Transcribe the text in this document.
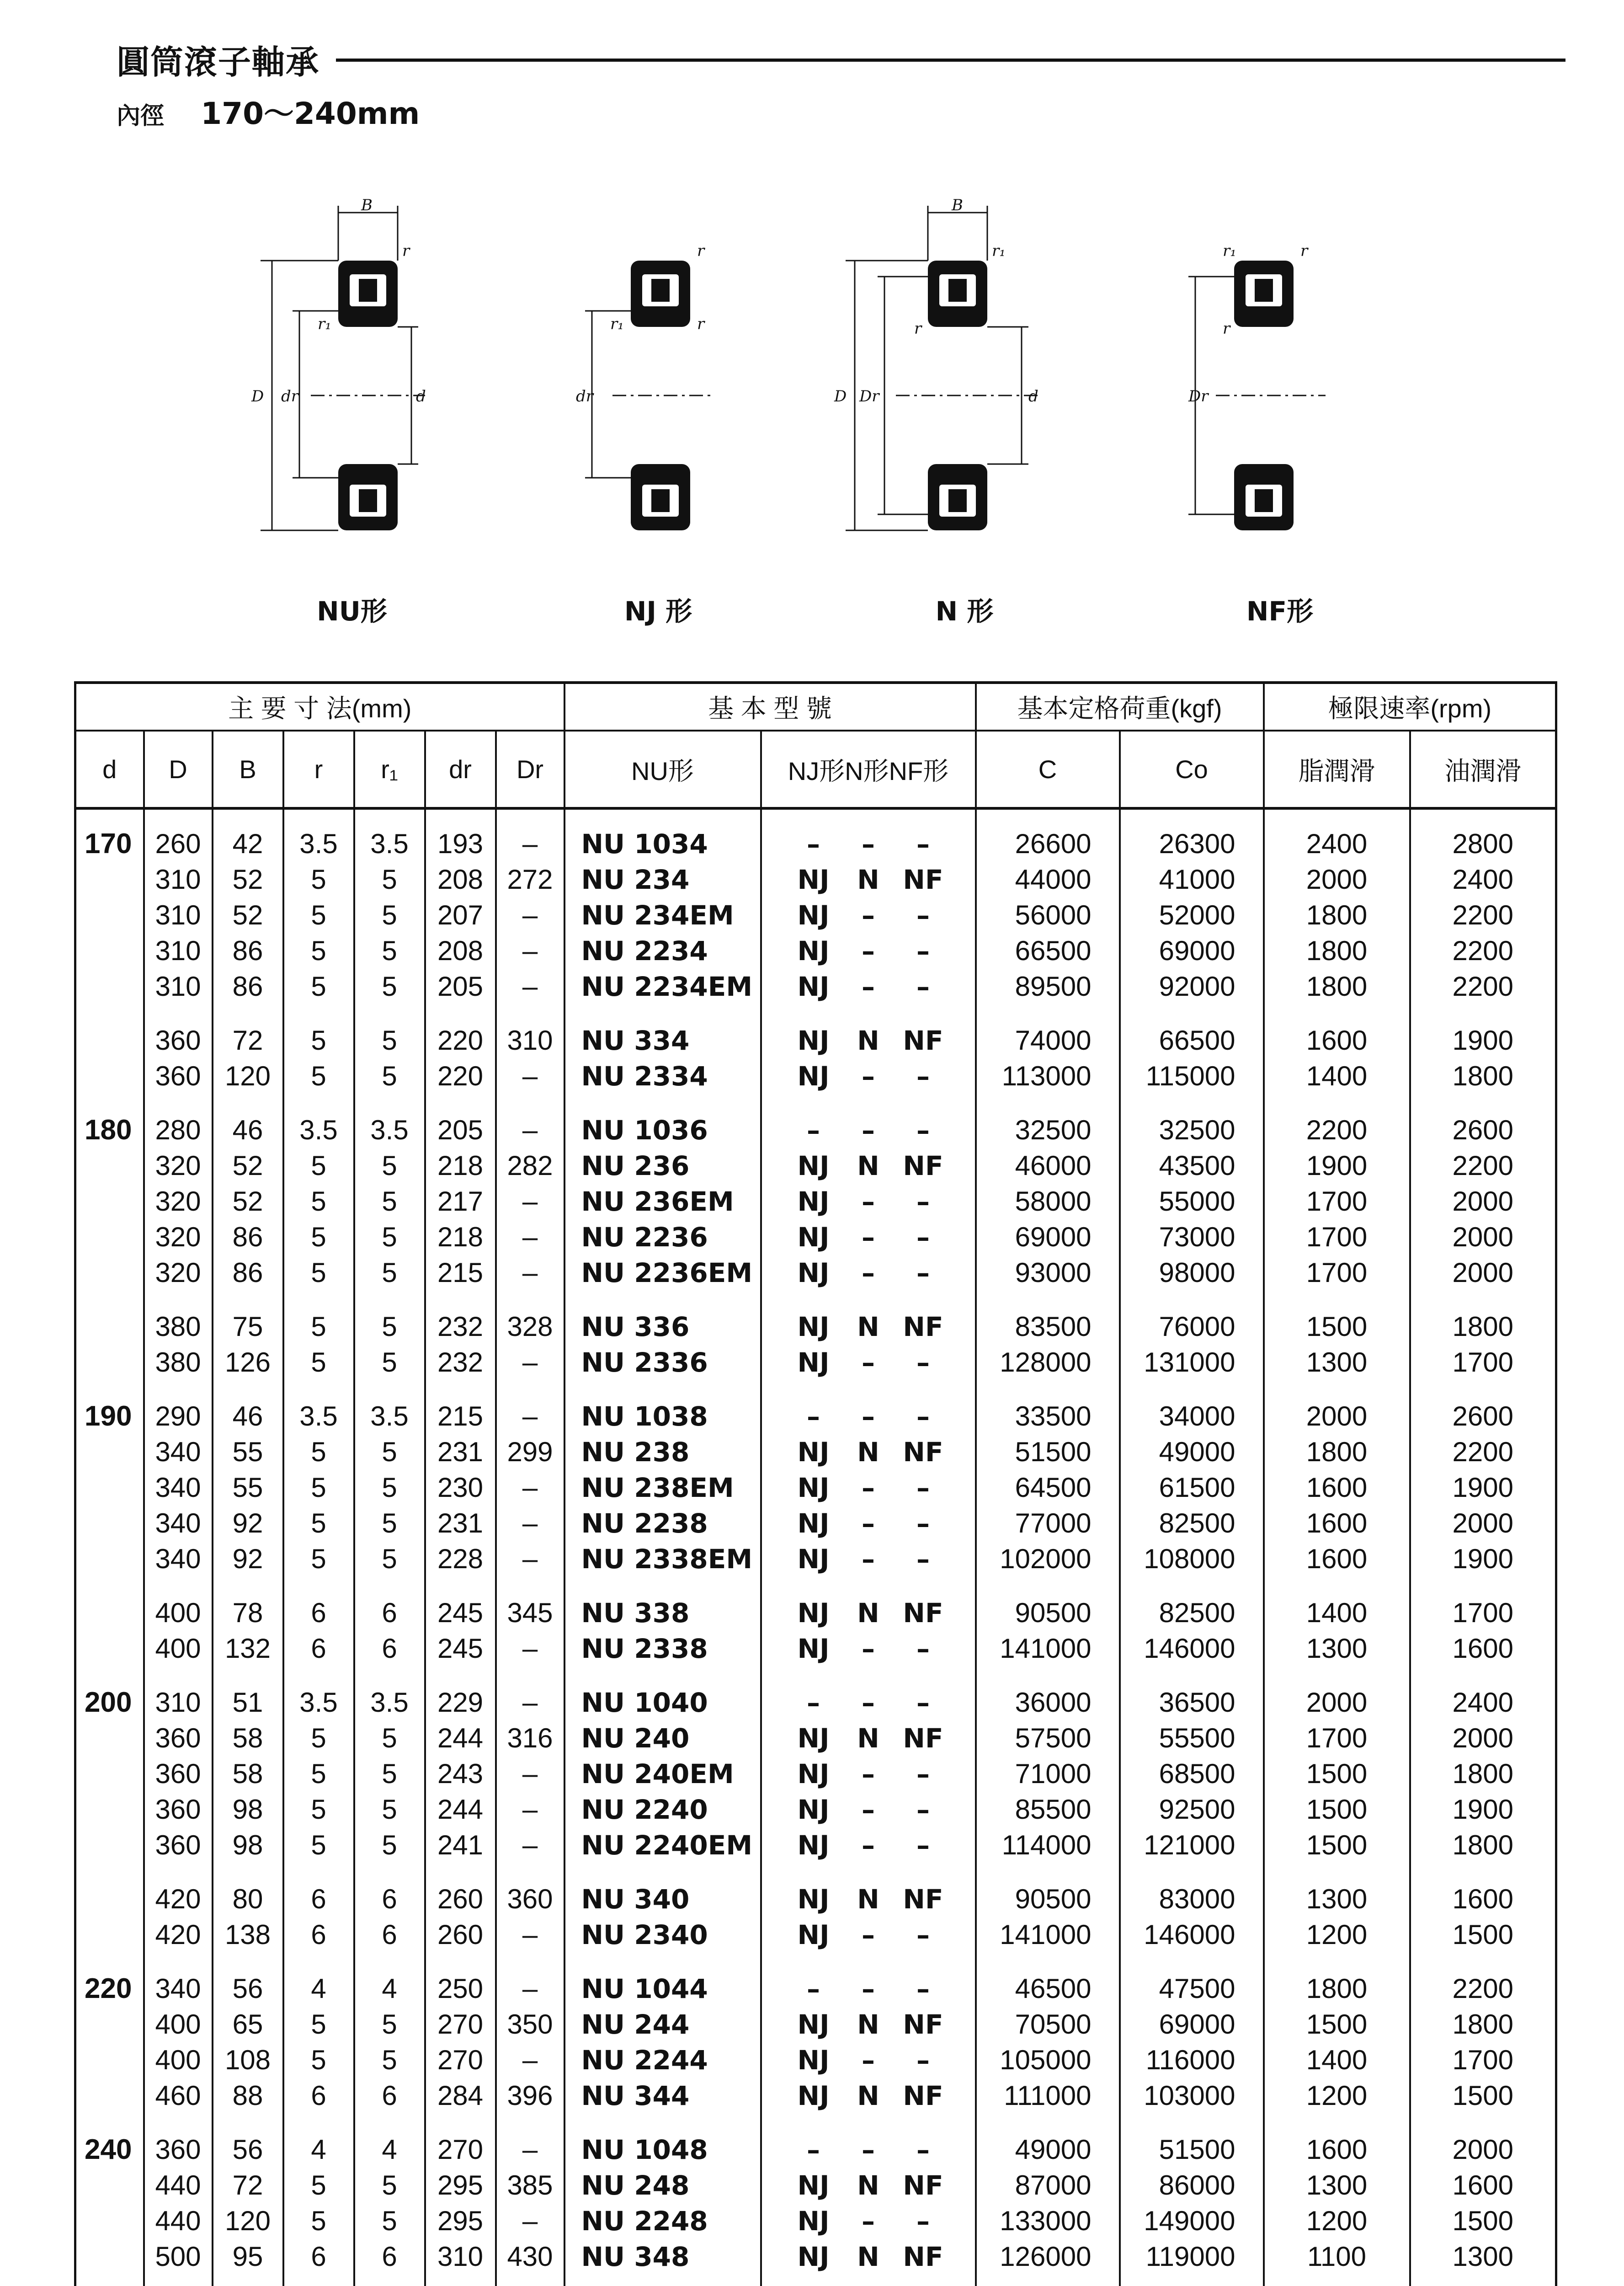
圓筒滾子軸承
內徑 170～240mm
B
r
r₁
D dr	d
r
r₁	r
dr
B
r₁
r
D Dr	d
r₁	r
r
Dr
NU形	NJ 形	N 形	NF形
主 要 寸 法(mm)							基 本 型 號		基本定格荷重(kgf)		極限速率(rpm)	
d	D	B	r	r₁	dr	Dr	NU形	NJ形N形NF形	C	Co	脂潤滑	油潤滑
170	260	42	3.5	3.5	193	–	NU 1034	– – –	26600	26300	2400	2800
	310	52	5	5	208	272	NU 234	NJ N NF	44000	41000	2000	2400
	310	52	5	5	207	–	NU 234EM	NJ – –	56000	52000	1800	2200
	310	86	5	5	208	–	NU 2234	NJ – –	66500	69000	1800	2200
	310	86	5	5	205	–	NU 2234EM	NJ – –	89500	92000	1800	2200
	360	72	5	5	220	310	NU 334	NJ N NF	74000	66500	1600	1900
	360	120	5	5	220	–	NU 2334	NJ – –	113000	115000	1400	1800
180	280	46	3.5	3.5	205	–	NU 1036	– – –	32500	32500	2200	2600
	320	52	5	5	218	282	NU 236	NJ N NF	46000	43500	1900	2200
	320	52	5	5	217	–	NU 236EM	NJ – –	58000	55000	1700	2000
	320	86	5	5	218	–	NU 2236	NJ – –	69000	73000	1700	2000
	320	86	5	5	215	–	NU 2236EM	NJ – –	93000	98000	1700	2000
	380	75	5	5	232	328	NU 336	NJ N NF	83500	76000	1500	1800
	380	126	5	5	232	–	NU 2336	NJ – –	128000	131000	1300	1700
190	290	46	3.5	3.5	215	–	NU 1038	– – –	33500	34000	2000	2600
	340	55	5	5	231	299	NU 238	NJ N NF	51500	49000	1800	2200
	340	55	5	5	230	–	NU 238EM	NJ – –	64500	61500	1600	1900
	340	92	5	5	231	–	NU 2238	NJ – –	77000	82500	1600	2000
	340	92	5	5	228	–	NU 2338EM	NJ – –	102000	108000	1600	1900
	400	78	6	6	245	345	NU 338	NJ N NF	90500	82500	1400	1700
	400	132	6	6	245	–	NU 2338	NJ – –	141000	146000	1300	1600
200	310	51	3.5	3.5	229	–	NU 1040	– – –	36000	36500	2000	2400
	360	58	5	5	244	316	NU 240	NJ N NF	57500	55500	1700	2000
	360	58	5	5	243	–	NU 240EM	NJ – –	71000	68500	1500	1800
	360	98	5	5	244	–	NU 2240	NJ – –	85500	92500	1500	1900
	360	98	5	5	241	–	NU 2240EM	NJ – –	114000	121000	1500	1800
	420	80	6	6	260	360	NU 340	NJ N NF	90500	83000	1300	1600
	420	138	6	6	260	–	NU 2340	NJ – –	141000	146000	1200	1500
220	340	56	4	4	250	–	NU 1044	– – –	46500	47500	1800	2200
	400	65	5	5	270	350	NU 244	NJ N NF	70500	69000	1500	1800
	400	108	5	5	270	–	NU 2244	NJ – –	105000	116000	1400	1700
	460	88	6	6	284	396	NU 344	NJ N NF	111000	103000	1200	1500
240	360	56	4	4	270	–	NU 1048	– – –	49000	51500	1600	2000
	440	72	5	5	295	385	NU 248	NJ N NF	87000	86000	1300	1600
	440	120	5	5	295	–	NU 2248	NJ – –	133000	149000	1200	1500
	500	95	6	6	310	430	NU 348	NJ N NF	126000	119000	1100	1300
